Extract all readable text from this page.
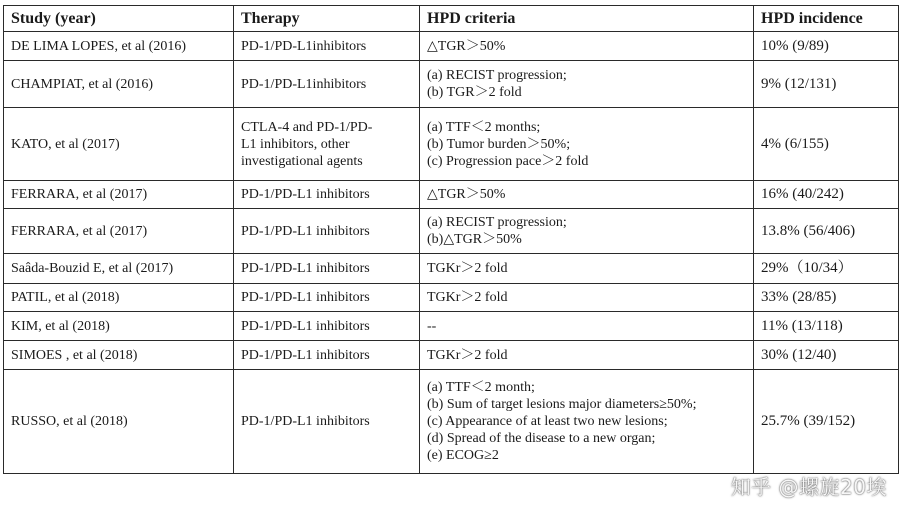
Study (year)	Therapy	HPD criteria	HPD incidence
DE LIMA LOPES, et al (2016)	PD-1/PD-L1inhibitors	△TGR＞50%	10% (9/89)
CHAMPIAT, et al (2016)	PD-1/PD-L1inhibitors	(a) RECIST progression;
(b) TGR＞2 fold	9% (12/131)
KATO, et al (2017)	CTLA-4 and PD-1/PD-
L1 inhibitors, other
investigational agents	(a) TTF＜2 months;
(b) Tumor burden＞50%;
(c) Progression pace＞2 fold	4% (6/155)
FERRARA, et al (2017)	PD-1/PD-L1 inhibitors	△TGR＞50%	16% (40/242)
FERRARA, et al (2017)	PD-1/PD-L1 inhibitors	(a) RECIST progression;
(b)△TGR＞50%	13.8% (56/406)
Saâda-Bouzid E, et al (2017)	PD-1/PD-L1 inhibitors	TGKr＞2 fold	29%（10/34）
PATIL, et al (2018)	PD-1/PD-L1 inhibitors	TGKr＞2 fold	33% (28/85)
KIM, et al (2018)	PD-1/PD-L1 inhibitors	--	11% (13/118)
SIMOES , et al (2018)	PD-1/PD-L1 inhibitors	TGKr＞2 fold	30% (12/40)
RUSSO, et al (2018)	PD-1/PD-L1 inhibitors	(a) TTF＜2 month;
(b) Sum of target lesions major diameters≥50%;
(c) Appearance of at least two new lesions;
(d) Spread of the disease to a new organ;
(e) ECOG≥2	25.7% (39/152)
知乎 @螺旋20埃
